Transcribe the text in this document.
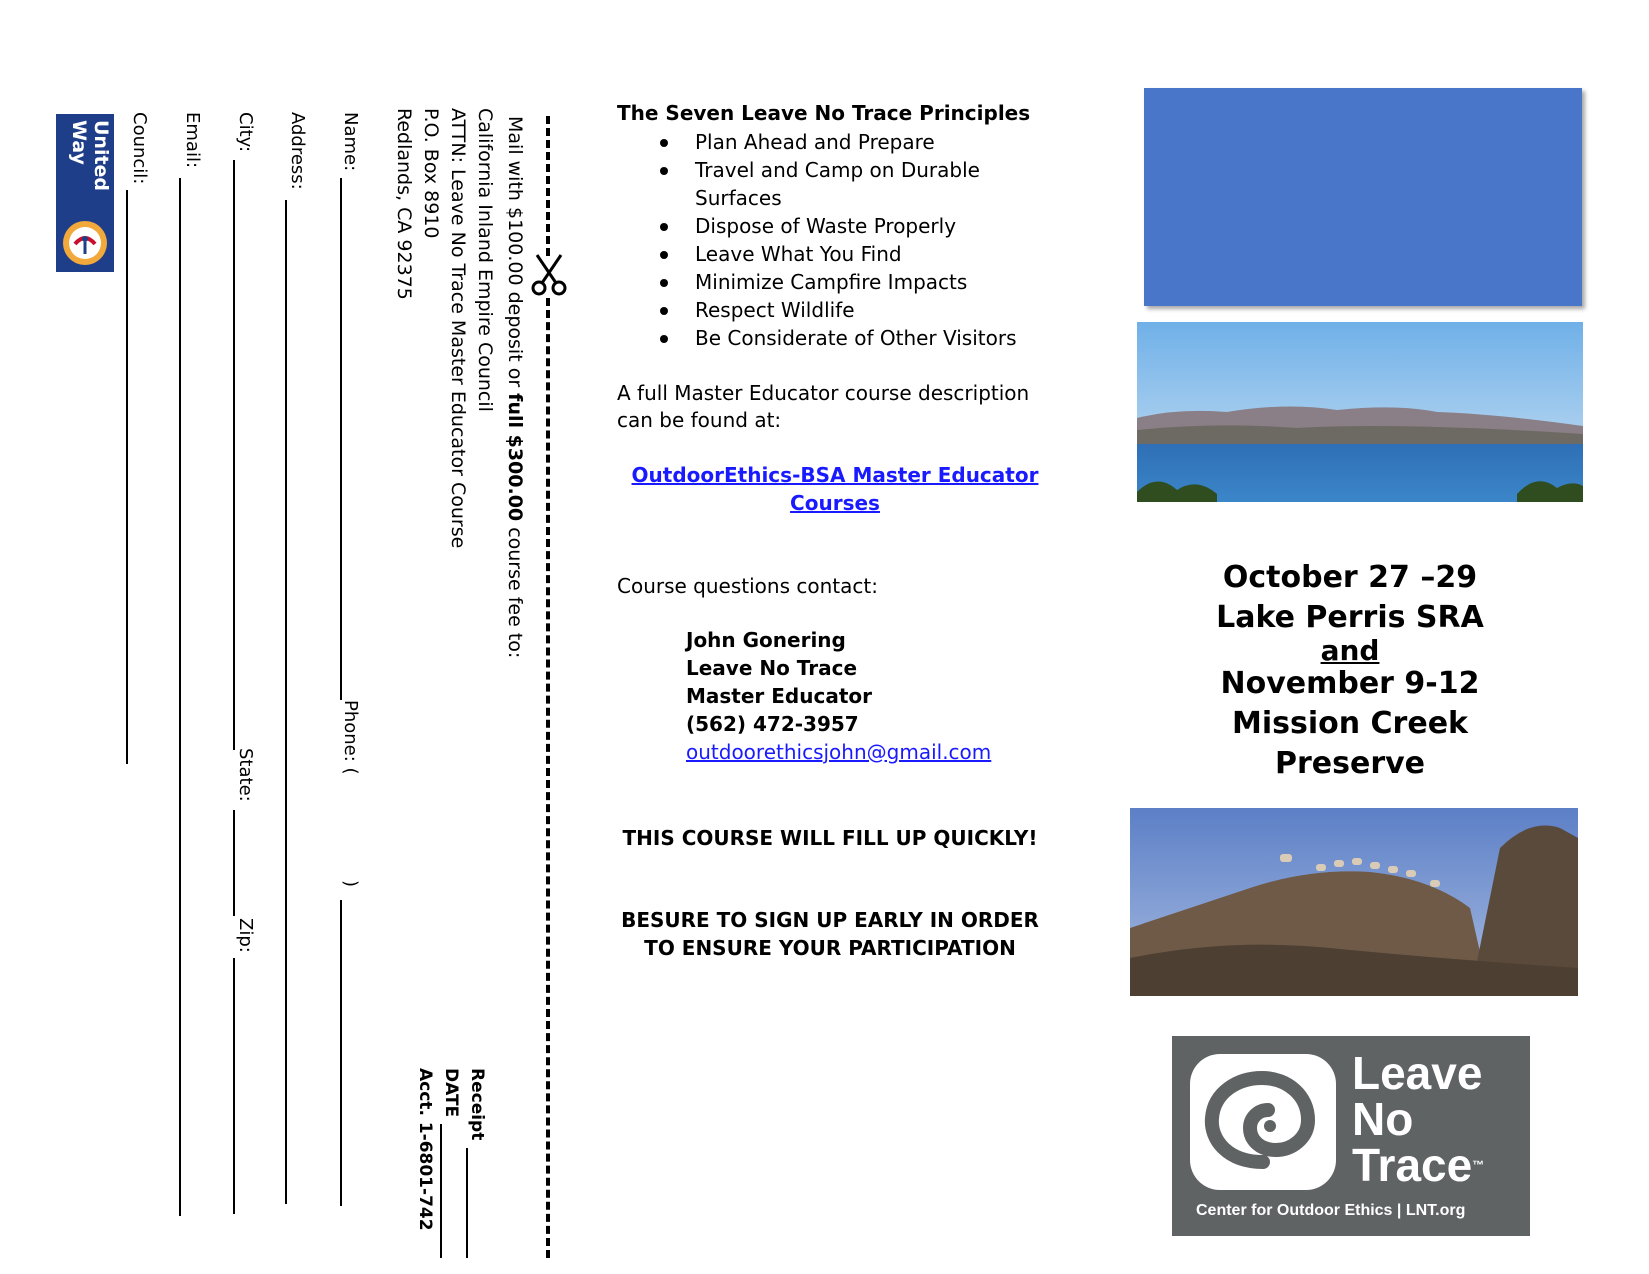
Mail with $100.00 deposit or full $300.00 course fee to:
California Inland Empire Council
ATTN: Leave No Trace Master Educator Course
P.O. Box 8910
Redlands, CA 92375
Name:
Phone: (
)
Address:
City:
State:
Zip:
Email:
Council:
Receipt
DATE
Acct. 1-6801-742
United
Way
The Seven Leave No Trace Principles
Plan Ahead and Prepare
Travel and Camp on Durable Surfaces
Dispose of Waste Properly
Leave What You Find
Minimize Campfire Impacts
Respect Wildlife
Be Considerate of Other Visitors
A full Master Educator course description can be found at:
OutdoorEthics-BSA Master Educator Courses
Course questions contact:
John Gonering
Leave No Trace
Master Educator
(562) 472-3957
outdoorethicsjohn@gmail.com
THIS COURSE WILL FILL UP QUICKLY!
BESURE TO SIGN UP EARLY IN ORDER TO ENSURE YOUR PARTICIPATION
October 27 –29
Lake Perris SRA
and
November 9-12
Mission Creek
Preserve
Leave
No
Trace™
Center for Outdoor Ethics | LNT.org
